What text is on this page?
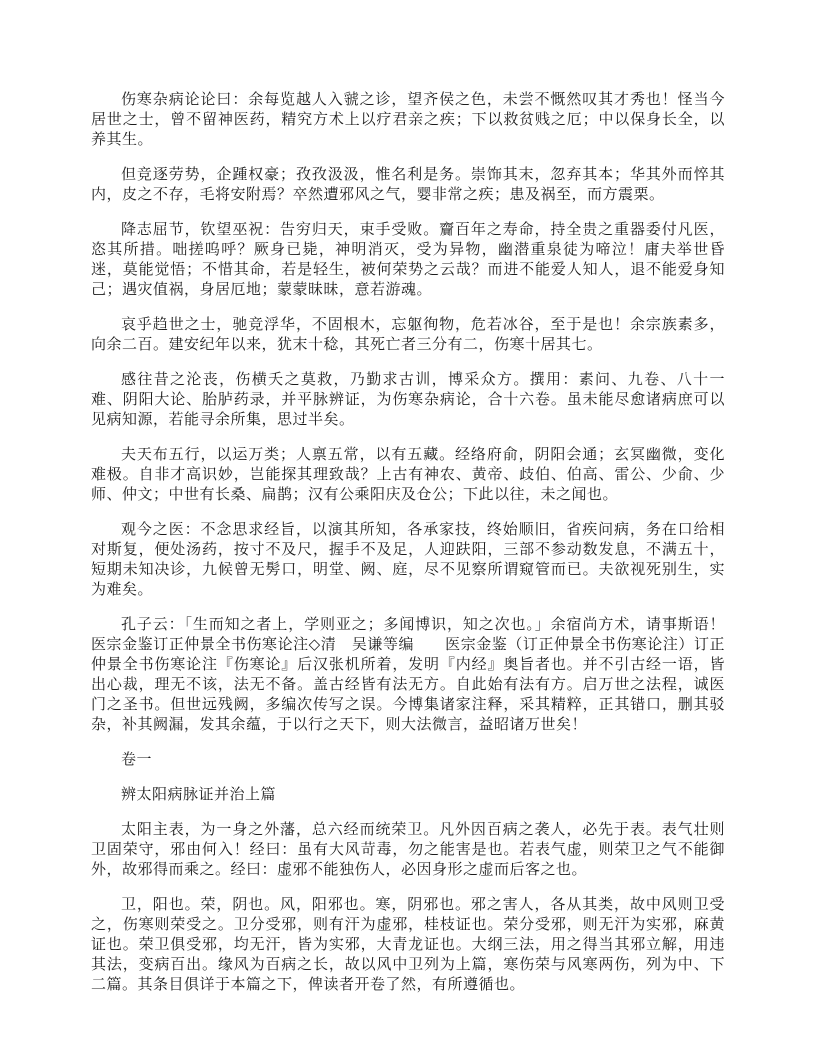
伤寒杂病论论曰：余每览越人入虢之诊，望齐侯之色，未尝不慨然叹其才秀也！怪当今居世之士，曾不留神医药，精究方术上以疗君亲之疾；下以救贫贱之厄；中以保身长全，以养其生。

但竞逐劳势，企踵权豪；孜孜汲汲，惟名利是务。崇饰其末，忽弃其本；华其外而悴其内，皮之不存，毛将安附焉？卒然遭邪风之气，婴非常之疾；患及祸至，而方震栗。

降志屈节，钦望巫祝：告穷归天，束手受败。齎百年之寿命，持全贵之重器委付凡医，恣其所措。咄搓呜呼？厥身已毙，神明消灭，受为异物，幽潜重泉徒为啼泣！庸夫举世昏迷，莫能觉悟；不惜其命，若是轻生，被何荣势之云哉？而进不能爱人知人，退不能爱身知己；遇灾值祸，身居厄地；蒙蒙昧昧，意若游魂。

哀乎趋世之士，驰竞浮华，不固根木，忘躯徇物，危若冰谷，至于是也！余宗族素多，向余二百。建安纪年以来，犹末十稔，其死亡者三分有二，伤寒十居其七。

感往昔之沦丧，伤横夭之莫救，乃勤求古训，博采众方。撰用：素问、九卷、八十一难、阴阳大论、胎胪药录，并平脉辨证，为伤寒杂病论，合十六卷。虽未能尽愈诸病庶可以见病知源，若能寻余所集，思过半矣。

夫天布五行，以运万类；人禀五常，以有五藏。经络府俞，阴阳会通；玄冥幽微，变化难极。自非才高识妙，岂能探其理致哉？上古有神农、黄帝、歧伯、伯高、雷公、少俞、少师、仲文；中世有长桑、扁鹊；汉有公乘阳庆及仓公；下此以往，未之闻也。

观今之医：不念思求经旨，以演其所知，各承家技，终始顺旧，省疾问病，务在口给相对斯复，便处汤药，按寸不及尺，握手不及足，人迎趺阳，三部不参动数发息，不满五十，短期未知决诊，九候曾无髣口，明堂、阙、庭，尽不见察所谓窥管而已。夫欲视死别生，实为难矣。

孔子云：「生而知之者上，学则亚之；多闻博识，知之次也。」余宿尚方术，请事斯语！医宗金鉴订正仲景全书伤寒论注◇清　吴谦等编　　医宗金鉴（订正仲景全书伤寒论注）订正仲景全书伤寒论注『伤寒论』后汉张机所着，发明『内经』奥旨者也。并不引古经一语，皆出心裁，理无不该，法无不备。盖古经皆有法无方。自此始有法有方。启万世之法程，诚医门之圣书。但世远残阙，多编次传写之误。今博集诸家注释，采其精粹，正其错口，删其驳杂，补其阙漏，发其余蕴，于以行之天下，则大法微言，益昭诸万世矣！

卷一

辨太阳病脉证并治上篇

太阳主表，为一身之外藩，总六经而统荣卫。凡外因百病之袭人，必先于表。表气壮则卫固荣守，邪由何入！经曰：虽有大风苛毒，勿之能害是也。若表气虚，则荣卫之气不能御外，故邪得而乘之。经曰：虚邪不能独伤人，必因身形之虚而后客之也。

卫，阳也。荣，阴也。风，阳邪也。寒，阴邪也。邪之害人，各从其类，故中风则卫受之，伤寒则荣受之。卫分受邪，则有汗为虚邪，桂枝证也。荣分受邪，则无汗为实邪，麻黄证也。荣卫俱受邪，均无汗，皆为实邪，大青龙证也。大纲三法，用之得当其邪立解，用违其法，变病百出。缘风为百病之长，故以风中卫列为上篇，寒伤荣与风寒两伤，列为中、下二篇。其条目俱详于本篇之下，俾读者开卷了然，有所遵循也。
